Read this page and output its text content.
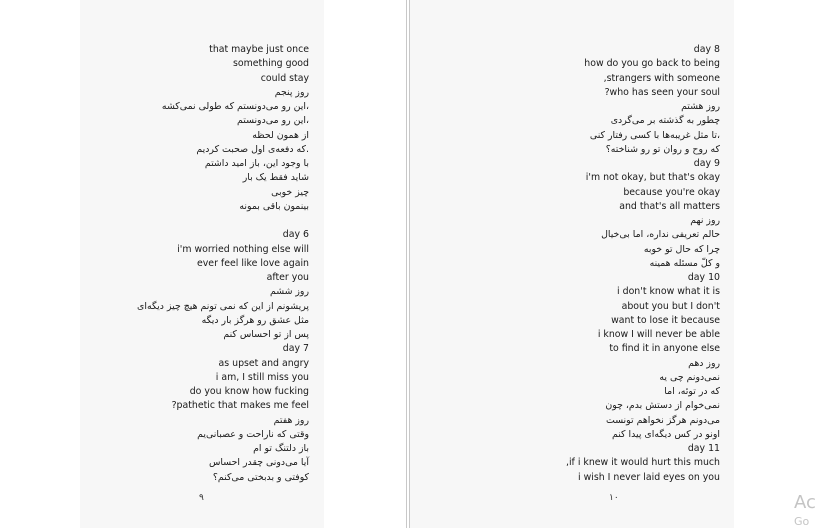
that maybe just once
something good
could stay
روز پنجم
این رو می‌دونستم که طولی نمی‌کشه،
این رو می‌دونستم،
از همون لحظه
که دفعه‌ی اول صحبت کردیم.
با وجود این، باز امید داشتم
شاید فقط یک بار
چیز خوبی
بینمون باقی بمونه
day 6
i'm worried nothing else will
ever feel like love again
after you
روز ششم
پریشونم از این که نمی تونم هیچ چیز دیگه‌ای
مثل عشق رو هرگز بار دیگه
پس از تو احساس کنم
day 7
as upset and angry
i am, I still miss you
do you know how fucking
?pathetic that makes me feel
روز هفتم
وقتی که ناراحت و عصبانی‌یم
باز دلتنگ تو ام
آیا می‌دونی چقدر احساس
کوفتی و بدبختی می‌کنم؟
۹
day 8
how do you go back to being
,strangers with someone
?who has seen your soul
روز هشتم
چطور به گذشته بر می‌گردی
تا مثل غریبه‌ها با کسی رفتار کنی،
که روح و روان تو رو شناخته؟
day 9
i'm not okay, but that's okay
because you're okay
and that's all matters
روز نهم
حالم تعریفی نداره، اما بی‌خیال
چرا که حال تو خوبه
و کلّ مسئله همینه
day 10
i don't know what it is
about you but I don't
want to lose it because
i know I will never be able
to find it in anyone else
روز دهم
نمی‌دونم چی یه
که در توئه، اما
نمی‌خوام از دستش بدم، چون
می‌دونم هرگز نخواهم تونست
اونو در کس دیگه‌ای پیدا کنم
day 11
,if i knew it would hurt this much
i wish I never laid eyes on you
۱۰	Ac
Go
